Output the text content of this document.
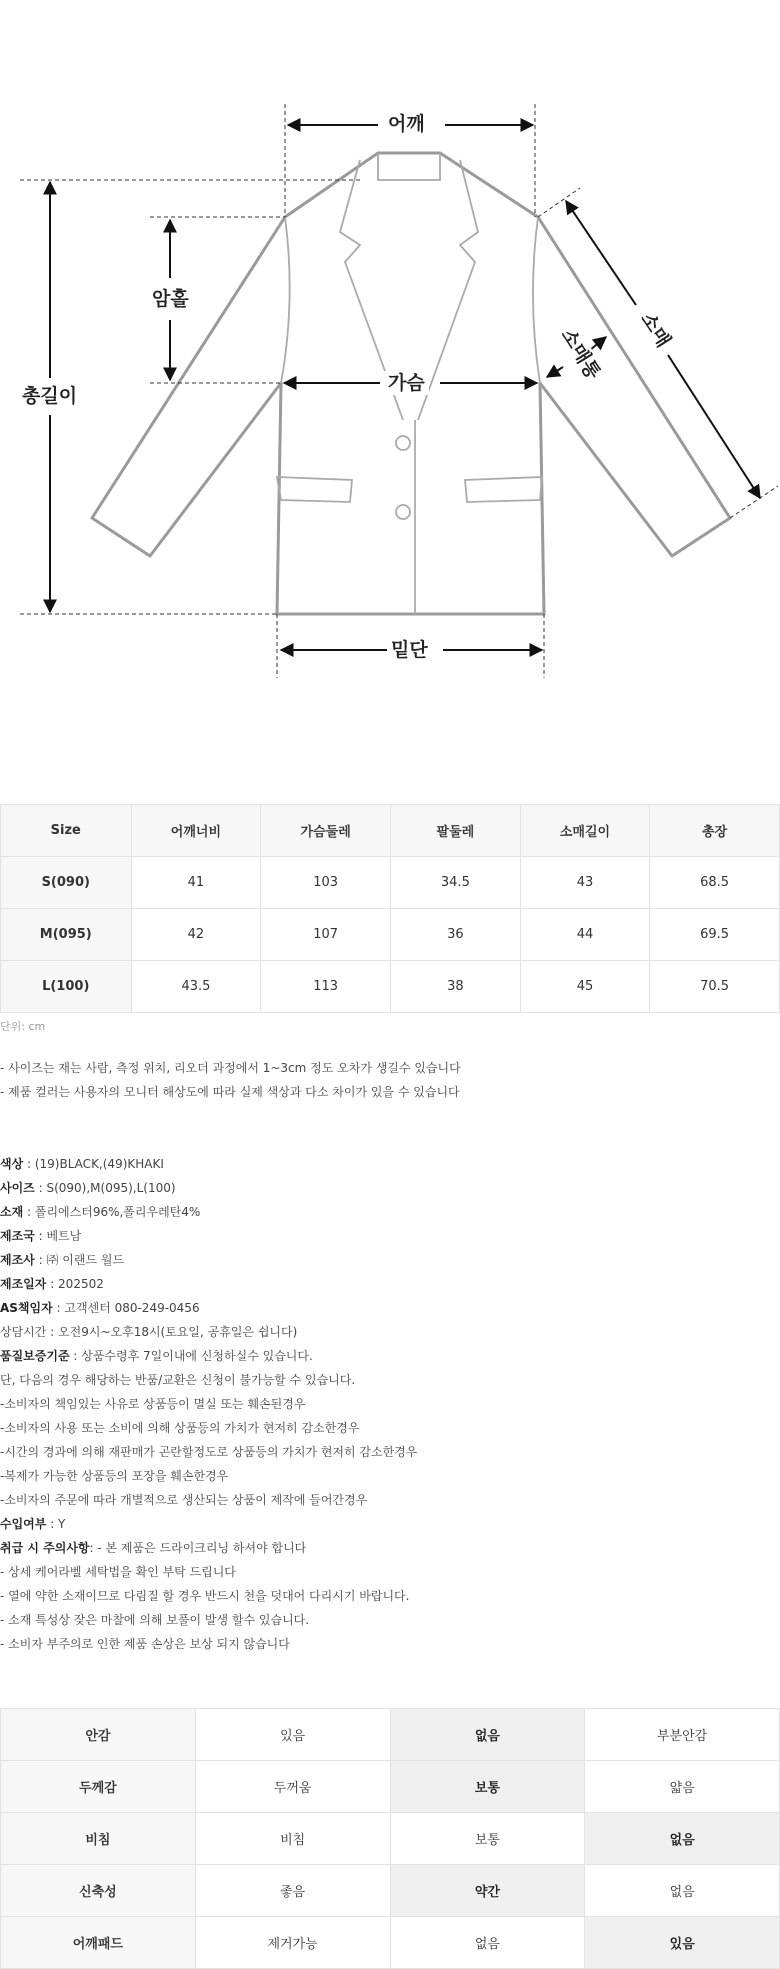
어깨
암홀
총길이
가슴	소매통 소매
밑단
Size	어깨너비	가슴둘레	팔둘레	소매길이	총장
S(090)	41	103	34.5	43	68.5
M(095)	42	107	36	44	69.5
L(100)	43.5	113	38	45	70.5
단위: cm
- 사이즈는 재는 사람, 측정 위치, 리오더 과정에서 1~3cm 정도 오차가 생길수 있습니다
- 제품 컬러는 사용자의 모니터 해상도에 따라 실제 색상과 다소 차이가 있을 수 있습니다
색상 : (19)BLACK,(49)KHAKI
사이즈 : S(090),M(095),L(100)
소재 : 폴리에스터96%,폴리우레탄4%
제조국 : 베트남
제조사 : ㈜ 이랜드 월드
제조일자 : 202502
AS책임자 : 고객센터 080-249-0456
상담시간 : 오전9시~오후18시(토요일, 공휴일은 쉽니다)
품질보증기준 : 상품수령후 7일이내에 신청하실수 있습니다.
단, 다음의 경우 해당하는 반품/교환은 신청이 불가능할 수 있습니다.
-소비자의 책임있는 사유로 상품등이 멸실 또는 훼손된경우
-소비자의 사용 또는 소비에 의해 상품등의 가치가 현저히 감소한경우
-시간의 경과에 의해 재판매가 곤란할정도로 상품등의 가치가 현저히 감소한경우
-복제가 가능한 상품등의 포장을 훼손한경우
-소비자의 주문에 따라 개별적으로 생산되는 상품이 제작에 들어간경우
수입여부 : Y
취급 시 주의사항: - 본 제품은 드라이크리닝 하셔야 합니다
- 상세 케어라벨 세탁법을 확인 부탁 드립니다
- 열에 약한 소재이므로 다림질 할 경우 반드시 천을 덧대어 다리시기 바랍니다.
- 소재 특성상 잦은 마찰에 의해 보풀이 발생 할수 있습니다.
- 소비자 부주의로 인한 제품 손상은 보상 되지 않습니다
안감	있음	없음	부분안감
두께감	두꺼움	보통	얇음
비침	비침	보통	없음
신축성	좋음	약간	없음
어깨패드	제거가능	없음	있음
